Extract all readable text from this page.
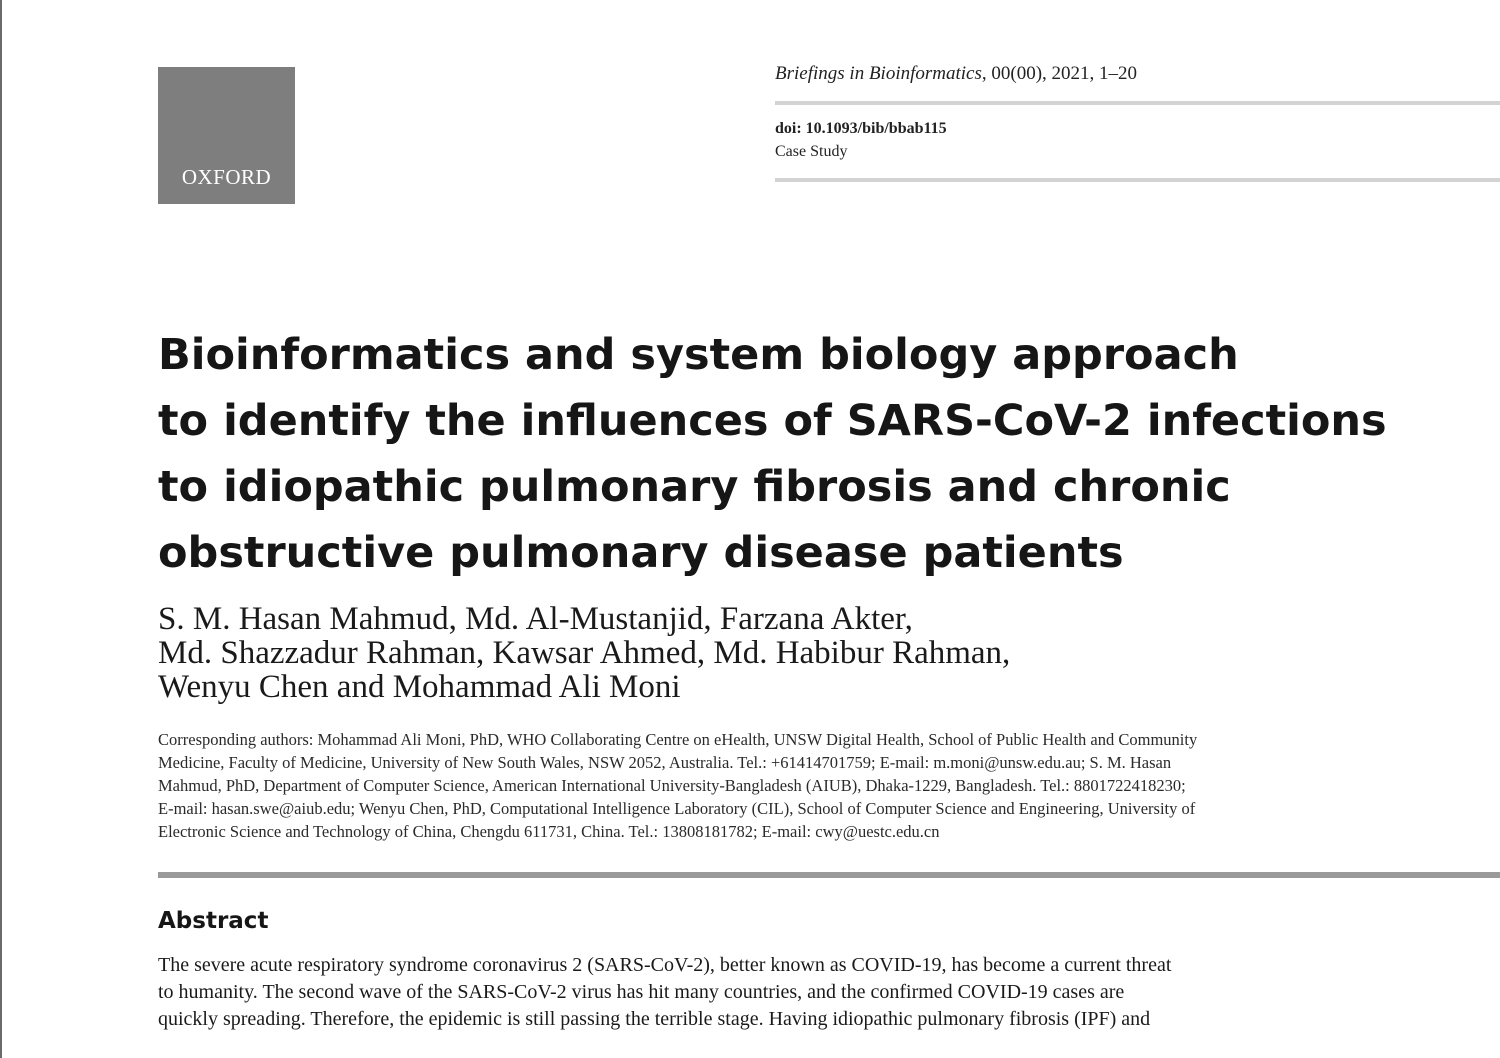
OXFORD
Briefings in Bioinformatics, 00(00), 2021, 1–20
doi: 10.1093/bib/bbab115
Case Study
Bioinformatics and system biology approach
to identify the influences of SARS-CoV-2 infections
to idiopathic pulmonary fibrosis and chronic
obstructive pulmonary disease patients
S. M. Hasan Mahmud, Md. Al-Mustanjid, Farzana Akter,
Md. Shazzadur Rahman, Kawsar Ahmed, Md. Habibur Rahman,
Wenyu Chen and Mohammad Ali Moni
Corresponding authors: Mohammad Ali Moni, PhD, WHO Collaborating Centre on eHealth, UNSW Digital Health, School of Public Health and Community
Medicine, Faculty of Medicine, University of New South Wales, NSW 2052, Australia. Tel.: +61414701759; E-mail: m.moni@unsw.edu.au; S. M. Hasan
Mahmud, PhD, Department of Computer Science, American International University-Bangladesh (AIUB), Dhaka-1229, Bangladesh. Tel.: 8801722418230;
E-mail: hasan.swe@aiub.edu; Wenyu Chen, PhD, Computational Intelligence Laboratory (CIL), School of Computer Science and Engineering, University of
Electronic Science and Technology of China, Chengdu 611731, China. Tel.: 13808181782; E-mail: cwy@uestc.edu.cn
Abstract
The severe acute respiratory syndrome coronavirus 2 (SARS-CoV-2), better known as COVID-19, has become a current threat
to humanity. The second wave of the SARS-CoV-2 virus has hit many countries, and the confirmed COVID-19 cases are
quickly spreading. Therefore, the epidemic is still passing the terrible stage. Having idiopathic pulmonary fibrosis (IPF) and
